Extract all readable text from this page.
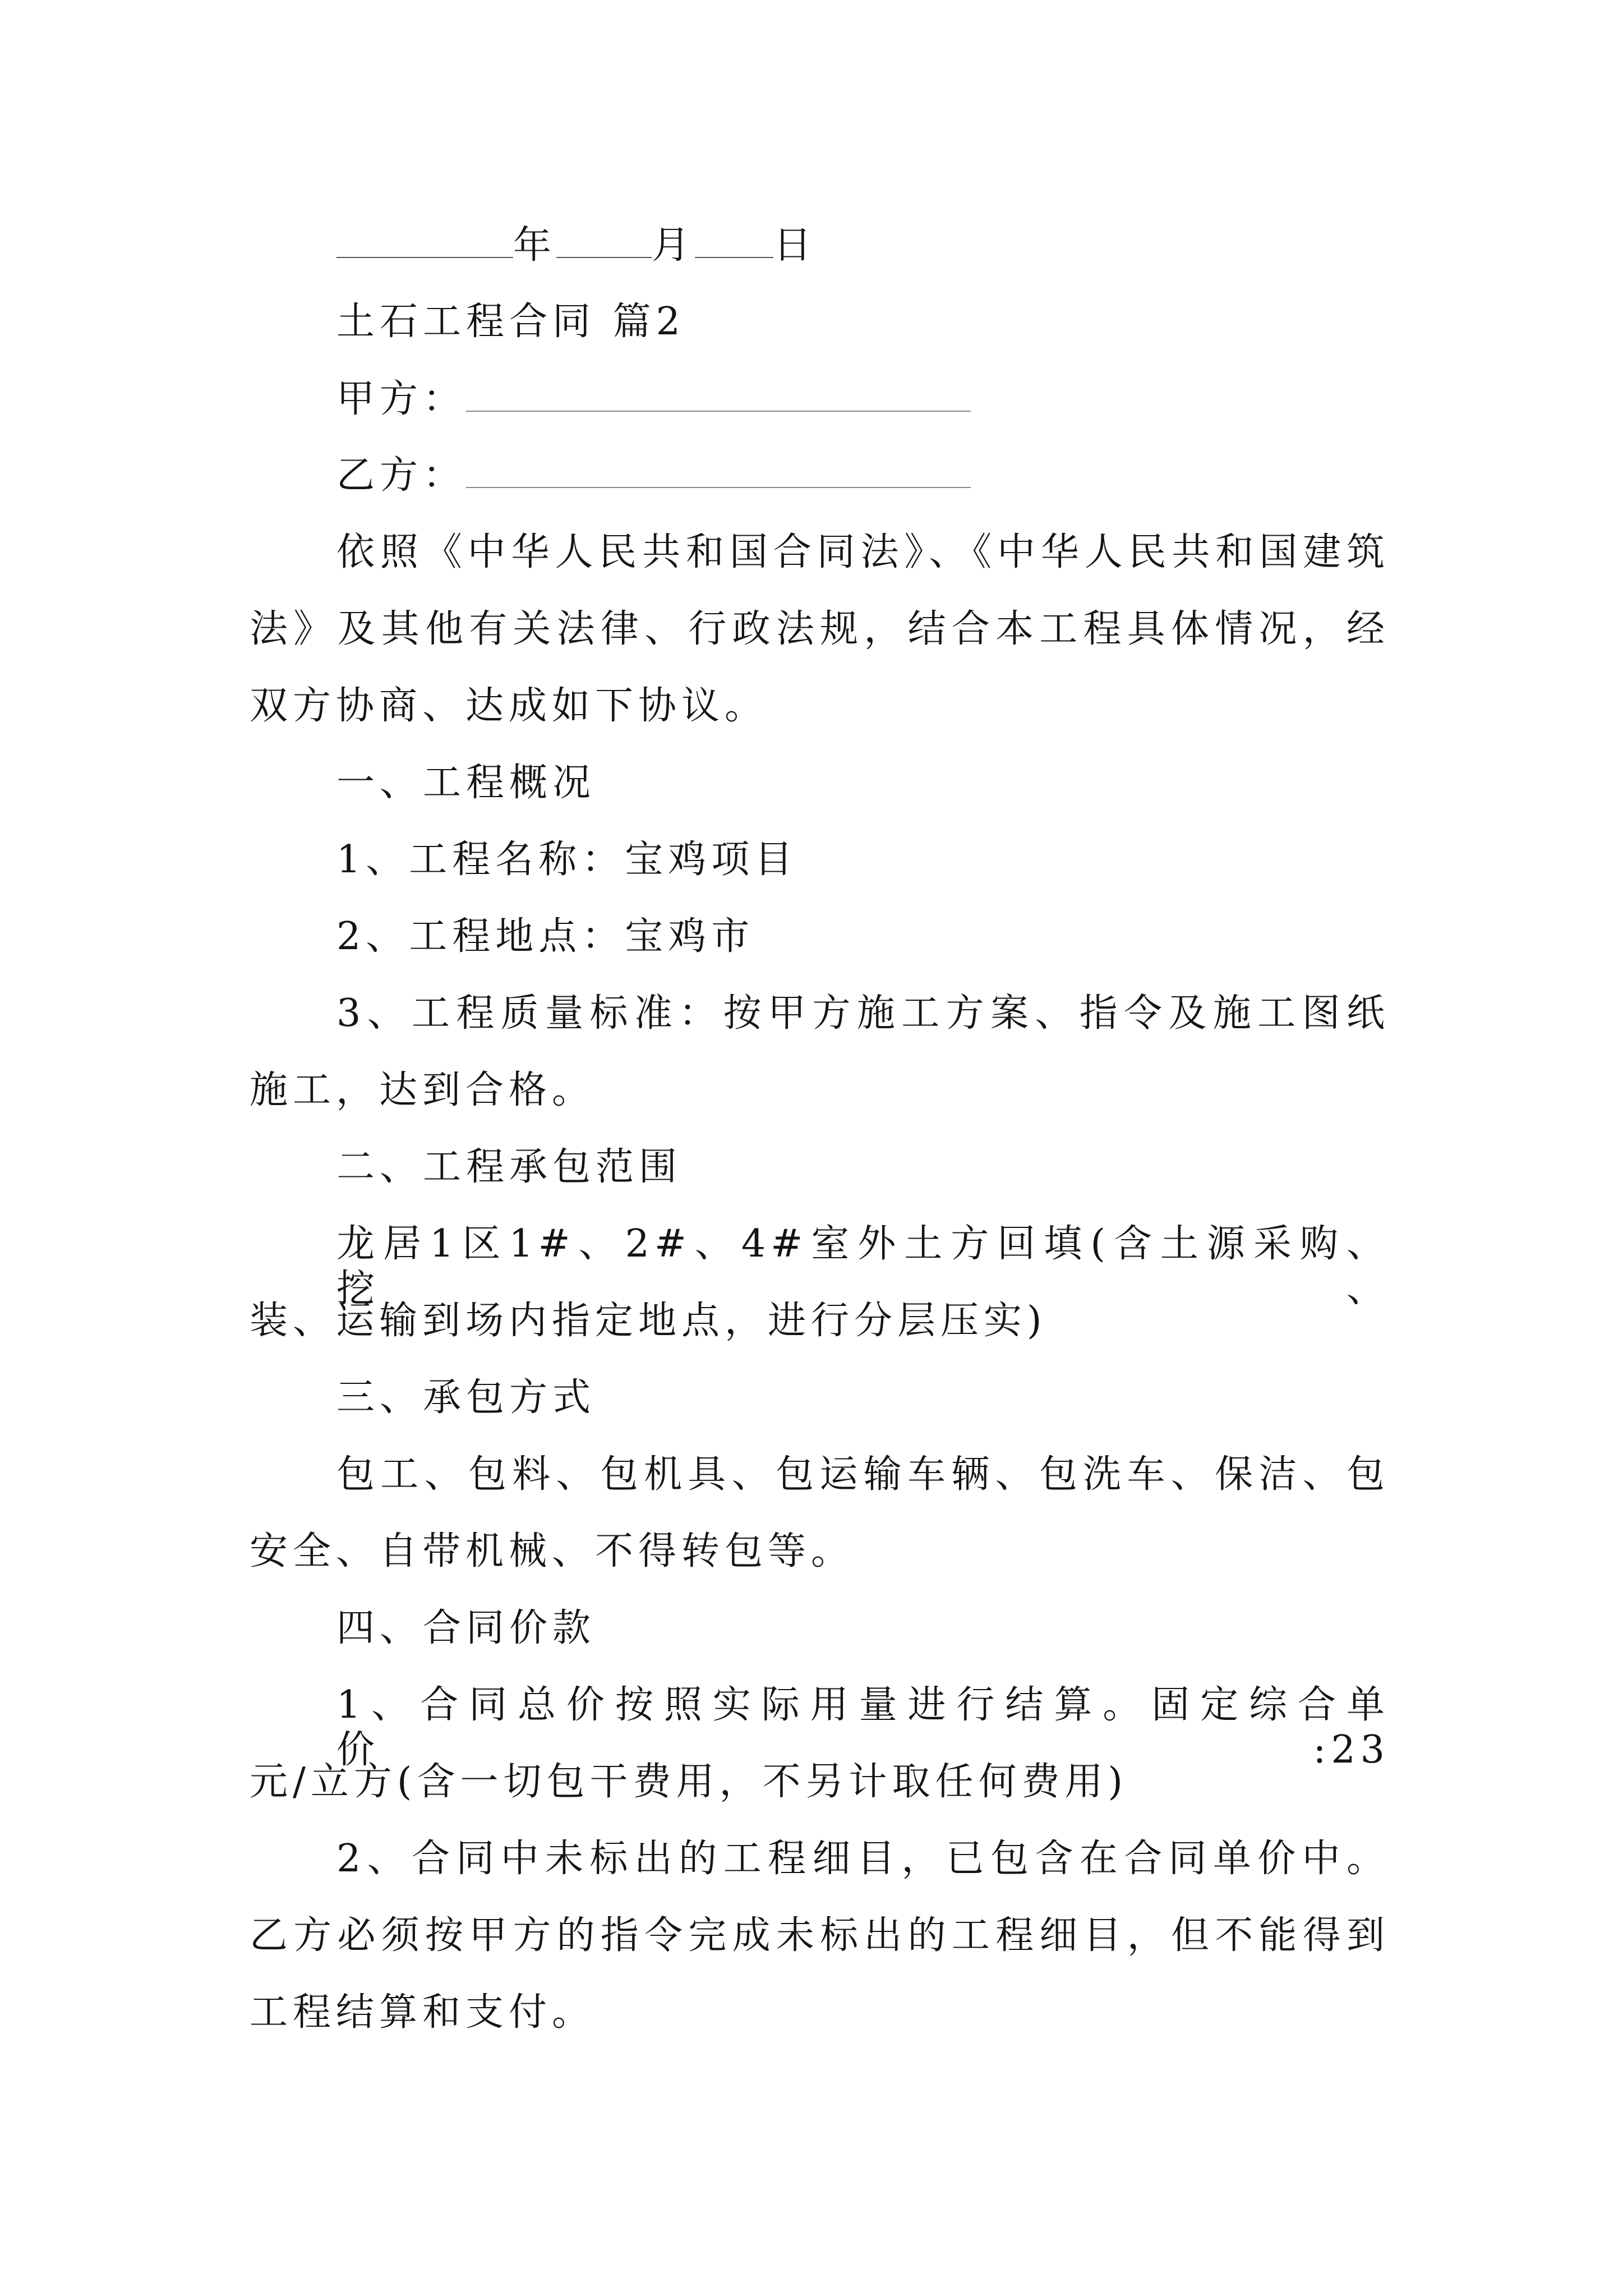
年	月 日
土石工程合同 篇2
甲方：
乙方：
依照《中华人民共和国合同法》、《中华人民共和国建筑
法》及其他有关法律、行政法规，结合本工程具体情况，经
双方协商、达成如下协议。
一、工程概况
1、工程名称：宝鸡项目
2、工程地点：宝鸡市
3、工程质量标准：按甲方施工方案、指令及施工图纸
施工，达到合格。
二、工程承包范围
龙居1区1#、2#、4#室外土方回填(含土源采购、挖、
装、运输到场内指定地点，进行分层压实)
三、承包方式
包工、包料、包机具、包运输车辆、包洗车、保洁、包
安全、自带机械、不得转包等。
四、合同价款
1、合同总价按照实际用量进行结算。固定综合单价:23
元/立方(含一切包干费用，不另计取任何费用)
2、合同中未标出的工程细目，已包含在合同单价中。
乙方必须按甲方的指令完成未标出的工程细目，但不能得到
工程结算和支付。
